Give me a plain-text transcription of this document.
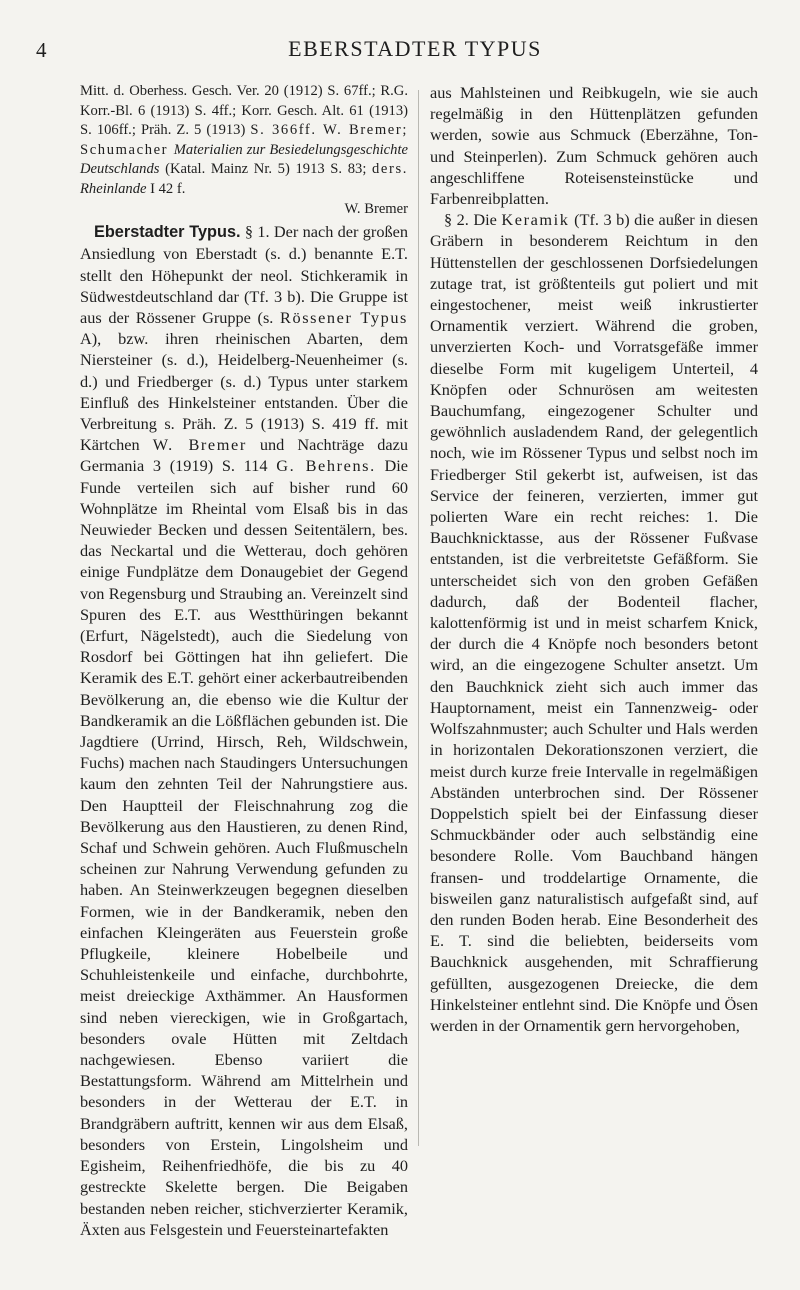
4	EBERSTADTER TYPUS

Mitt. d. Oberhess. Gesch. Ver. 20 (1912) S. 67ff.; R.G. Korr.-Bl. 6 (1913) S. 4ff.; Korr. Gesch. Alt. 61 (1913) S. 106ff.; Präh. Z. 5 (1913) S. 366ff. W. Bremer; Schumacher Materialien zur Besiedelungsgeschichte Deutschlands (Katal. Mainz Nr. 5) 1913 S. 83; ders. Rheinlande I 42 f.

W. Bremer

Eberstadter Typus. § 1. Der nach der großen Ansiedlung von Eberstadt (s. d.) benannte E.T. stellt den Höhepunkt der neol. Stichkeramik in Südwestdeutschland dar (Tf. 3 b). Die Gruppe ist aus der Rössener Gruppe (s. Rössener Typus A), bzw. ihren rheinischen Abarten, dem Niersteiner (s. d.), Heidelberg-Neuenheimer (s. d.) und Friedberger (s. d.) Typus unter starkem Einfluß des Hinkelsteiner entstanden. Über die Verbreitung s. Präh. Z. 5 (1913) S. 419 ff. mit Kärtchen W. Bremer und Nachträge dazu Germania 3 (1919) S. 114 G. Behrens. Die Funde verteilen sich auf bisher rund 60 Wohnplätze im Rheintal vom Elsaß bis in das Neuwieder Becken und dessen Seitentälern, bes. das Neckartal und die Wetterau, doch gehören einige Fundplätze dem Donaugebiet der Gegend von Regensburg und Straubing an. Vereinzelt sind Spuren des E.T. aus Westthüringen bekannt (Erfurt, Nägelstedt), auch die Siedelung von Rosdorf bei Göttingen hat ihn geliefert. Die Keramik des E.T. gehört einer ackerbautreibenden Bevölkerung an, die ebenso wie die Kultur der Bandkeramik an die Lößflächen gebunden ist. Die Jagdtiere (Urrind, Hirsch, Reh, Wildschwein, Fuchs) machen nach Staudingers Untersuchungen kaum den zehnten Teil der Nahrungstiere aus. Den Hauptteil der Fleischnahrung zog die Bevölkerung aus den Haustieren, zu denen Rind, Schaf und Schwein gehören. Auch Flußmuscheln scheinen zur Nahrung Verwendung gefunden zu haben. An Steinwerkzeugen begegnen dieselben Formen, wie in der Bandkeramik, neben den einfachen Kleingeräten aus Feuerstein große Pflugkeile, kleinere Hobelbeile und Schuhleistenkeile und einfache, durchbohrte, meist dreieckige Axthämmer. An Hausformen sind neben viereckigen, wie in Großgartach, besonders ovale Hütten mit Zeltdach nachgewiesen. Ebenso variiert die Bestattungsform. Während am Mittelrhein und besonders in der Wetterau der E.T. in Brandgräbern auftritt, kennen wir aus dem Elsaß, besonders von Erstein, Lingolsheim und Egisheim, Reihenfriedhöfe, die bis zu 40 gestreckte Skelette bergen. Die Beigaben bestanden neben reicher, stichverzierter Keramik, Äxten aus Felsgestein und Feuersteinartefakten

aus Mahlsteinen und Reibkugeln, wie sie auch regelmäßig in den Hüttenplätzen gefunden werden, sowie aus Schmuck (Eberzähne, Ton- und Steinperlen). Zum Schmuck gehören auch angeschliffene Roteisensteinstücke und Farbenreibplatten.

§ 2. Die Keramik (Tf. 3 b) die außer in diesen Gräbern in besonderem Reichtum in den Hüttenstellen der geschlossenen Dorfsiedelungen zutage trat, ist größtenteils gut poliert und mit eingestochener, meist weiß inkrustierter Ornamentik verziert. Während die groben, unverzierten Koch- und Vorratsgefäße immer dieselbe Form mit kugeligem Unterteil, 4 Knöpfen oder Schnurösen am weitesten Bauchumfang, eingezogener Schulter und gewöhnlich ausladendem Rand, der gelegentlich noch, wie im Rössener Typus und selbst noch im Friedberger Stil gekerbt ist, aufweisen, ist das Service der feineren, verzierten, immer gut polierten Ware ein recht reiches: 1. Die Bauchknicktasse, aus der Rössener Fußvase entstanden, ist die verbreitetste Gefäßform. Sie unterscheidet sich von den groben Gefäßen dadurch, daß der Bodenteil flacher, kalottenförmig ist und in meist scharfem Knick, der durch die 4 Knöpfe noch besonders betont wird, an die eingezogene Schulter ansetzt. Um den Bauchknick zieht sich auch immer das Hauptornament, meist ein Tannenzweig- oder Wolfszahnmuster; auch Schulter und Hals werden in horizontalen Dekorationszonen verziert, die meist durch kurze freie Intervalle in regelmäßigen Abständen unterbrochen sind. Der Rössener Doppelstich spielt bei der Einfassung dieser Schmuckbänder oder auch selbständig eine besondere Rolle. Vom Bauchband hängen fransen- und troddelartige Ornamente, die bisweilen ganz naturalistisch aufgefaßt sind, auf den runden Boden herab. Eine Besonderheit des E. T. sind die beliebten, beiderseits vom Bauchknick ausgehenden, mit Schraffierung gefüllten, ausgezogenen Dreiecke, die dem Hinkelsteiner entlehnt sind. Die Knöpfe und Ösen werden in der Ornamentik gern hervorgehoben,
